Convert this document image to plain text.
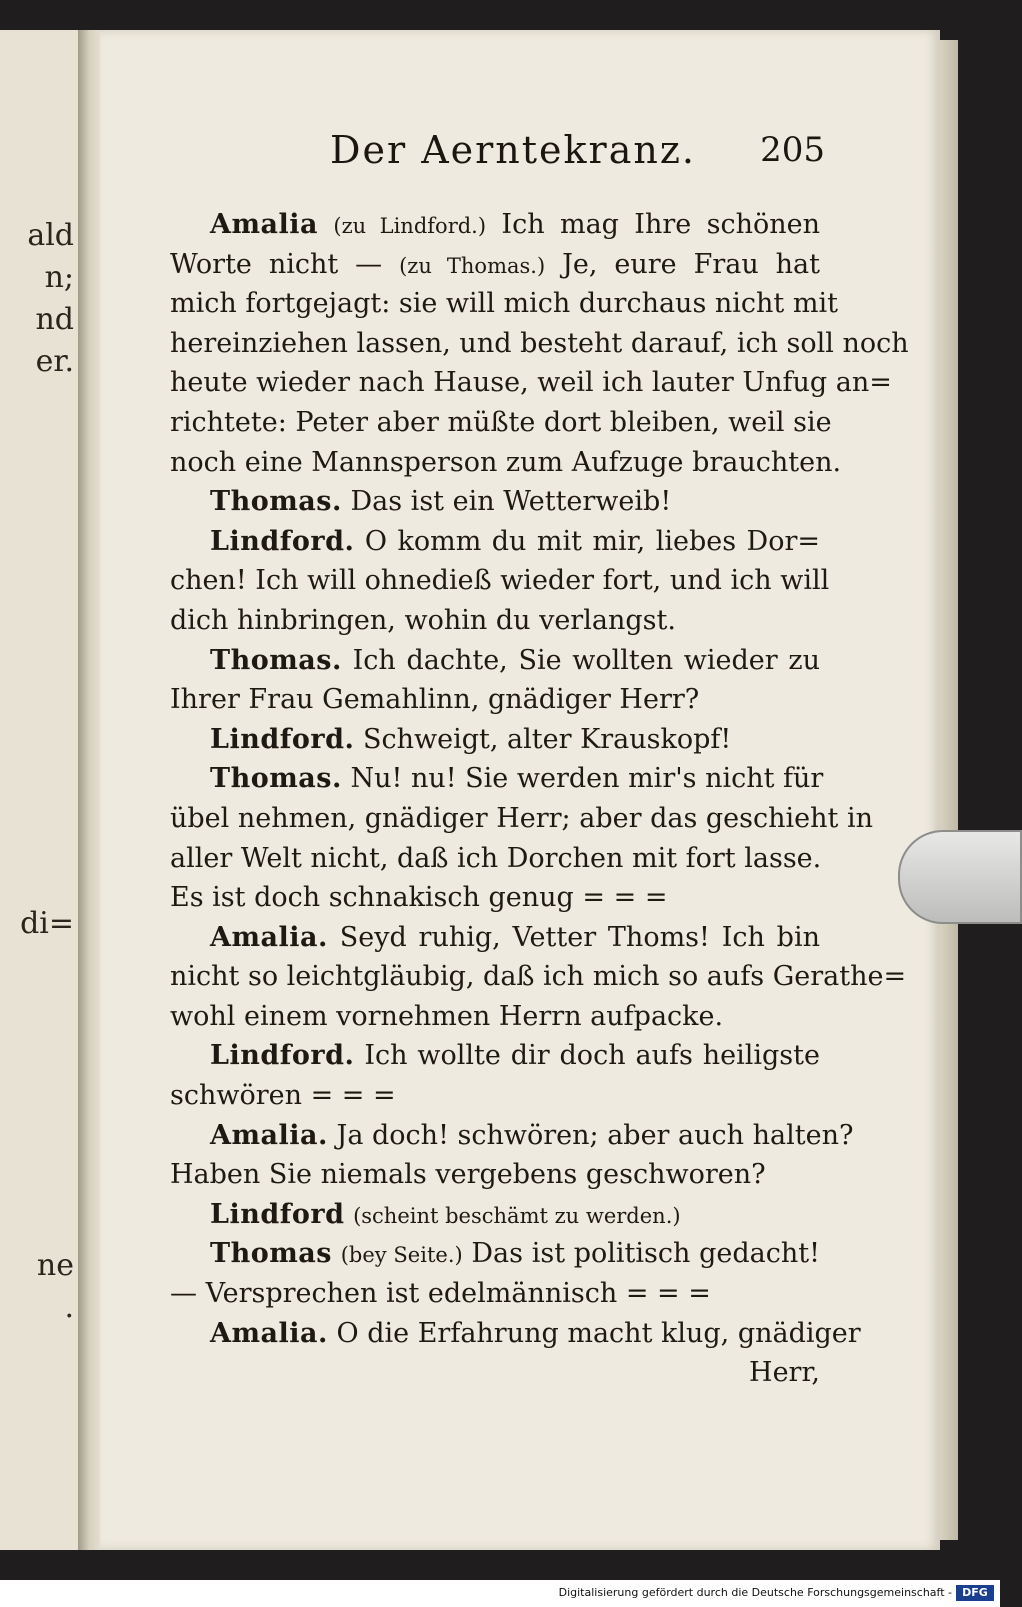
ald
n;
nd
er.
di=
ne
.
Der Aerntekranz. 205
Amalia (zu Lindford.) Ich mag Ihre schönen
Worte nicht — (zu Thomas.) Je, eure Frau hat
mich fortgejagt: sie will mich durchaus nicht mit
hereinziehen lassen, und besteht darauf, ich soll noch
heute wieder nach Hause, weil ich lauter Unfug an=
richtete: Peter aber müßte dort bleiben, weil sie
noch eine Mannsperson zum Aufzuge brauchten.
Thomas. Das ist ein Wetterweib!
Lindford. O komm du mit mir, liebes Dor=
chen! Ich will ohnedieß wieder fort, und ich will
dich hinbringen, wohin du verlangst.
Thomas. Ich dachte, Sie wollten wieder zu
Ihrer Frau Gemahlinn, gnädiger Herr?
Lindford. Schweigt, alter Krauskopf!
Thomas. Nu! nu! Sie werden mir's nicht für
übel nehmen, gnädiger Herr; aber das geschieht in
aller Welt nicht, daß ich Dorchen mit fort lasse.
Es ist doch schnakisch genug = = =
Amalia. Seyd ruhig, Vetter Thoms! Ich bin
nicht so leichtgläubig, daß ich mich so aufs Gerathe=
wohl einem vornehmen Herrn aufpacke.
Lindford. Ich wollte dir doch aufs heiligste
schwören = = =
Amalia. Ja doch! schwören; aber auch halten?
Haben Sie niemals vergebens geschworen?
Lindford (scheint beschämt zu werden.)
Thomas (bey Seite.) Das ist politisch gedacht!
— Versprechen ist edelmännisch = = =
Amalia. O die Erfahrung macht klug, gnädiger
Herr,
Digitalisierung gefördert durch die Deutsche Forschungsgemeinschaft - DFG
